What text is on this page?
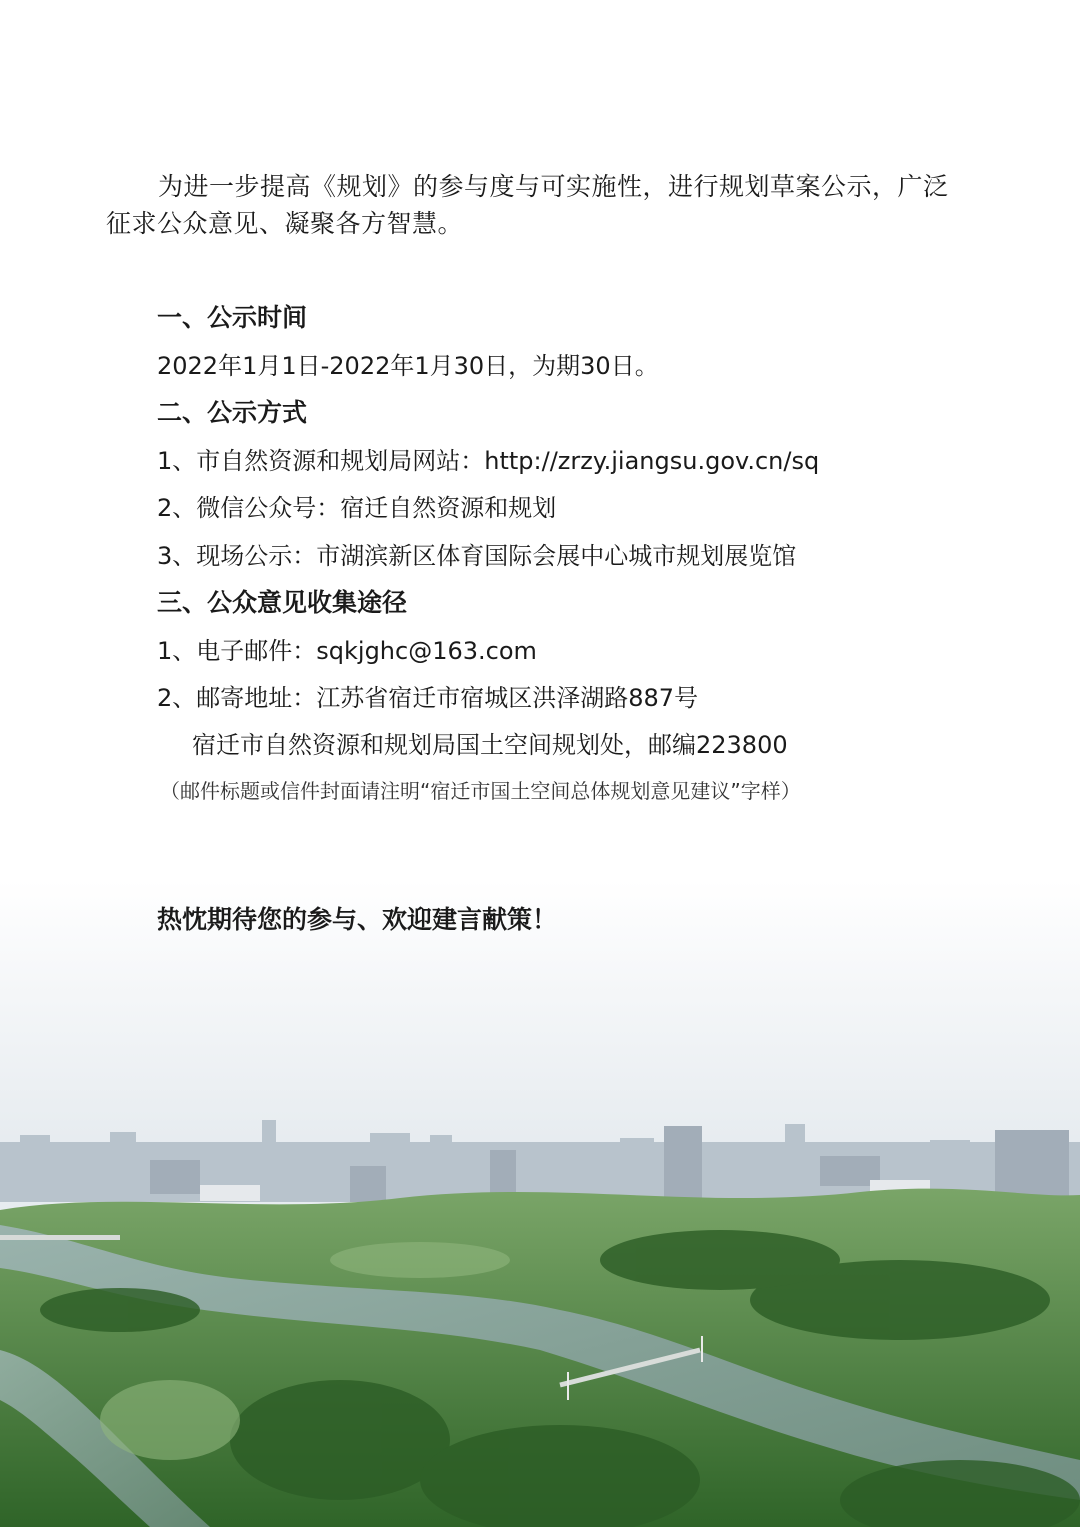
为进一步提高《规划》的参与度与可实施性，进行规划草案公示，广泛征求公众意见、凝聚各方智慧。

一、公示时间

2022年1月1日-2022年1月30日，为期30日。

二、公示方式

1、市自然资源和规划局网站：http://zrzy.jiangsu.gov.cn/sq

2、微信公众号：宿迁自然资源和规划

3、现场公示：市湖滨新区体育国际会展中心城市规划展览馆

三、公众意见收集途径

1、电子邮件：sqkjghc@163.com

2、邮寄地址：江苏省宿迁市宿城区洪泽湖路887号

宿迁市自然资源和规划局国土空间规划处，邮编223800

（邮件标题或信件封面请注明“宿迁市国土空间总体规划意见建议”字样）

热忱期待您的参与、欢迎建言献策！
